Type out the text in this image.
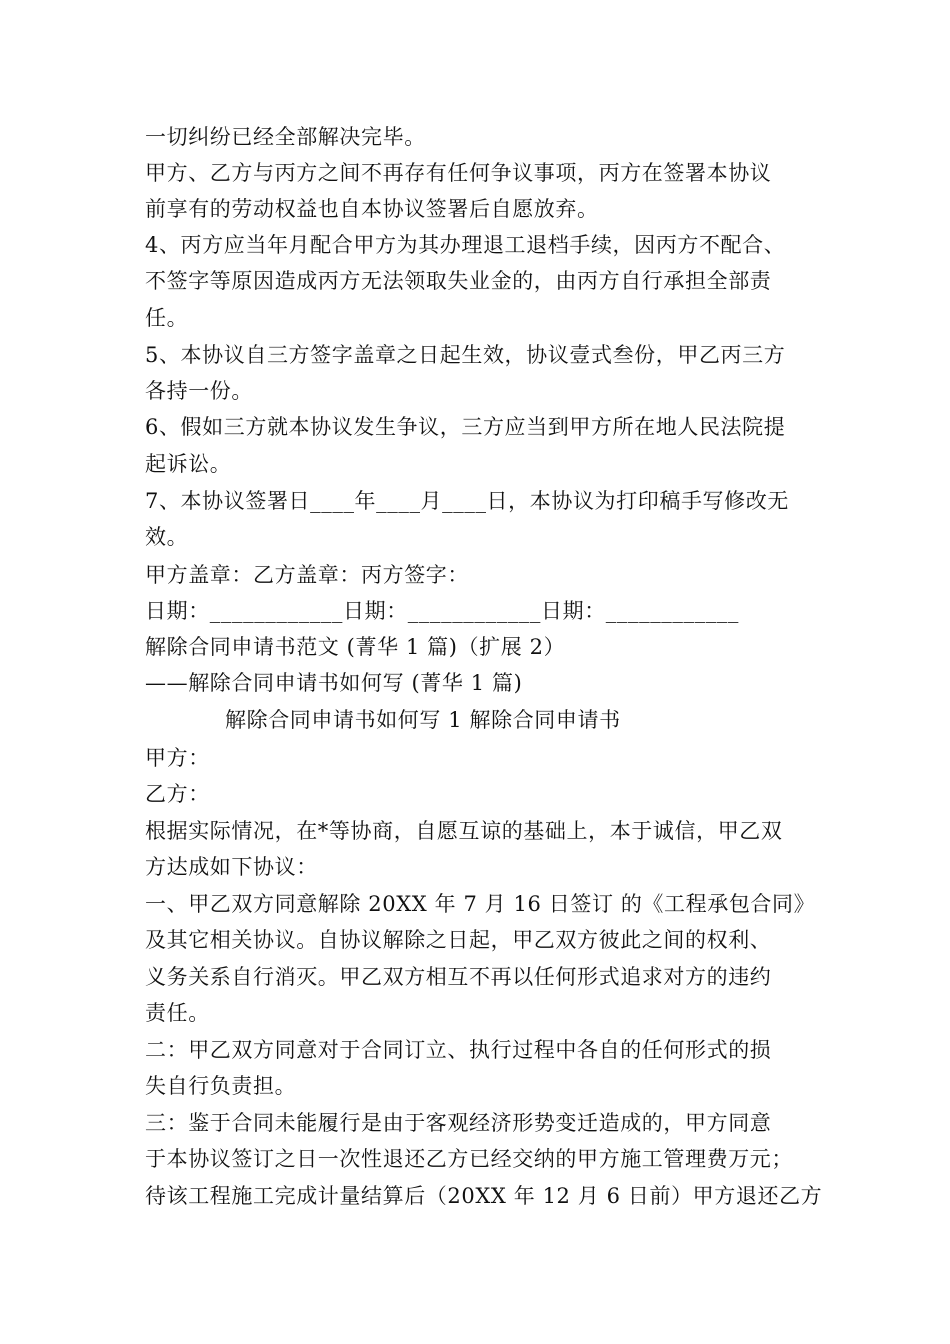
一切纠纷已经全部解决完毕。
甲方、乙方与丙方之间不再存有任何争议事项，丙方在签署本协议
前享有的劳动权益也自本协议签署后自愿放弃。
4、丙方应当年月配合甲方为其办理退工退档手续，因丙方不配合、
不签字等原因造成丙方无法领取失业金的，由丙方自行承担全部责
任。
5、本协议自三方签字盖章之日起生效，协议壹式叁份，甲乙丙三方
各持一份。
6、假如三方就本协议发生争议，三方应当到甲方所在地人民法院提
起诉讼。
7、本协议签署日____年____月____日，本协议为打印稿手写修改无
效。
甲方盖章：乙方盖章：丙方签字：
日期：____________日期：____________日期：____________
解除合同申请书范文 (菁华 1 篇)（扩展 2）
——解除合同申请书如何写 (菁华 1 篇)
解除合同申请书如何写 1 解除合同申请书
甲方：
乙方：
根据实际情况，在*等协商，自愿互谅的基础上，本于诚信，甲乙双
方达成如下协议：
一、甲乙双方同意解除 20XX 年 7 月 16 日签订 的《工程承包合同》
及其它相关协议。自协议解除之日起，甲乙双方彼此之间的权利、
义务关系自行消灭。甲乙双方相互不再以任何形式追求对方的违约
责任。
二：甲乙双方同意对于合同订立、执行过程中各自的任何形式的损
失自行负责担。
三：鉴于合同未能履行是由于客观经济形势变迁造成的，甲方同意
于本协议签订之日一次性退还乙方已经交纳的甲方施工管理费万元；
待该工程施工完成计量结算后（20XX 年 12 月 6 日前）甲方退还乙方
